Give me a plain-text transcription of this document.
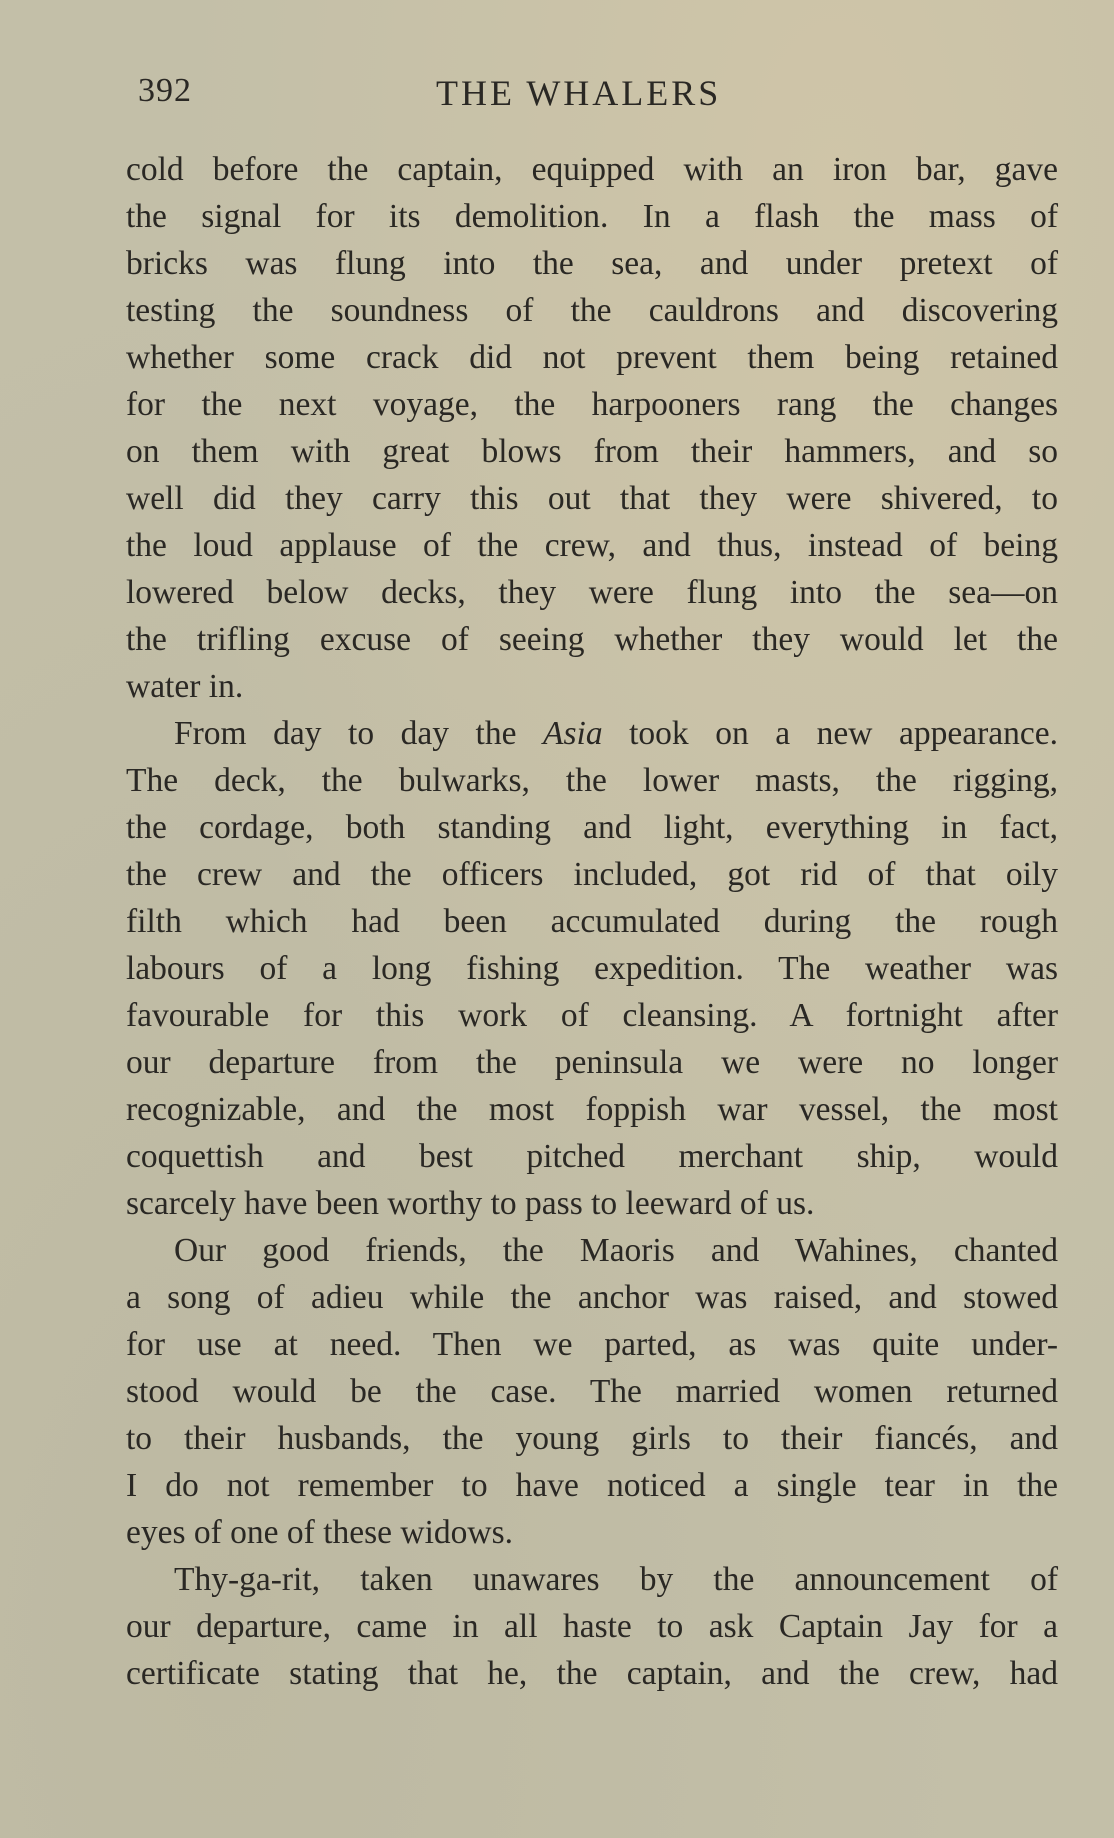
392	THE WHALERS
cold before the captain, equipped with an iron bar, gave
the signal for its demolition. In a flash the mass of
bricks was flung into the sea, and under pretext of
testing the soundness of the cauldrons and discovering
whether some crack did not prevent them being retained
for the next voyage, the harpooners rang the changes
on them with great blows from their hammers, and so
well did they carry this out that they were shivered, to
the loud applause of the crew, and thus, instead of being
lowered below decks, they were flung into the sea—on
the trifling excuse of seeing whether they would let the
water in.
From day to day the Asia took on a new appearance.
The deck, the bulwarks, the lower masts, the rigging,
the cordage, both standing and light, everything in fact,
the crew and the officers included, got rid of that oily
filth which had been accumulated during the rough
labours of a long fishing expedition. The weather was
favourable for this work of cleansing. A fortnight after
our departure from the peninsula we were no longer
recognizable, and the most foppish war vessel, the most
coquettish and best pitched merchant ship, would
scarcely have been worthy to pass to leeward of us.
Our good friends, the Maoris and Wahines, chanted
a song of adieu while the anchor was raised, and stowed
for use at need. Then we parted, as was quite under-
stood would be the case. The married women returned
to their husbands, the young girls to their fiancés, and
I do not remember to have noticed a single tear in the
eyes of one of these widows.
Thy-ga-rit, taken unawares by the announcement of
our departure, came in all haste to ask Captain Jay for a
certificate stating that he, the captain, and the crew, had
